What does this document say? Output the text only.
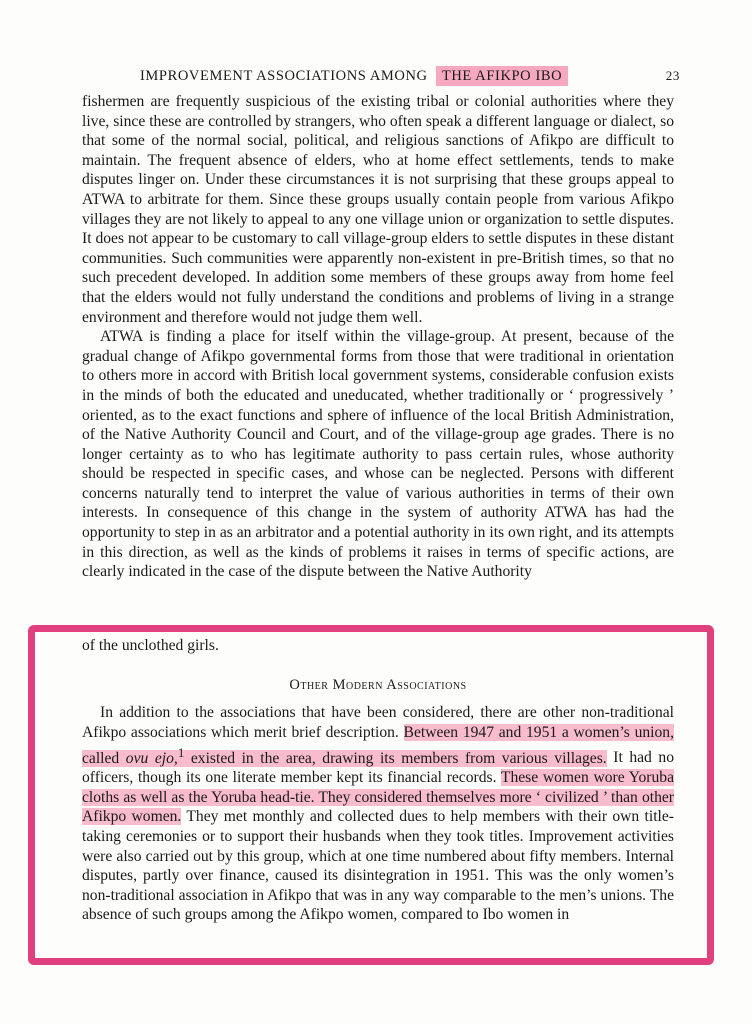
IMPROVEMENT ASSOCIATIONS AMONG THE AFIKPO IBO	23

fishermen are frequently suspicious of the existing tribal or colonial authorities where they live, since these are controlled by strangers, who often speak a different language or dialect, so that some of the normal social, political, and religious sanctions of Afikpo are difficult to maintain. The frequent absence of elders, who at home effect settlements, tends to make disputes linger on. Under these circumstances it is not surprising that these groups appeal to ATWA to arbitrate for them. Since these groups usually contain people from various Afikpo villages they are not likely to appeal to any one village union or organization to settle disputes. It does not appear to be customary to call village-group elders to settle disputes in these distant communities. Such communities were apparently non-existent in pre-British times, so that no such precedent developed. In addition some members of these groups away from home feel that the elders would not fully understand the conditions and problems of living in a strange environment and therefore would not judge them well.

ATWA is finding a place for itself within the village-group. At present, because of the gradual change of Afikpo governmental forms from those that were traditional in orientation to others more in accord with British local government systems, considerable confusion exists in the minds of both the educated and uneducated, whether traditionally or ‘ progressively ’ oriented, as to the exact functions and sphere of influence of the local British Administration, of the Native Authority Council and Court, and of the village-group age grades. There is no longer certainty as to who has legitimate authority to pass certain rules, whose authority should be respected in specific cases, and whose can be neglected. Persons with different concerns naturally tend to interpret the value of various authorities in terms of their own interests. In consequence of this change in the system of authority ATWA has had the opportunity to step in as an arbitrator and a potential authority in its own right, and its attempts in this direction, as well as the kinds of problems it raises in terms of specific actions, are clearly indicated in the case of the dispute between the Native Authority

of the unclothed girls.

Other Modern Associations

In addition to the associations that have been considered, there are other non-traditional Afikpo associations which merit brief description. Between 1947 and 1951 a women’s union, called ovu ejo,$^1$ existed in the area, drawing its members from various villages. It had no officers, though its one literate member kept its financial records. These women wore Yoruba cloths as well as the Yoruba head-tie. They considered themselves more ‘ civilized ’ than other Afikpo women. They met monthly and collected dues to help members with their own title-taking ceremonies or to support their husbands when they took titles. Improvement activities were also carried out by this group, which at one time numbered about fifty members. Internal disputes, partly over finance, caused its disintegration in 1951. This was the only women’s non-traditional association in Afikpo that was in any way comparable to the men’s unions. The absence of such groups among the Afikpo women, compared to Ibo women in
